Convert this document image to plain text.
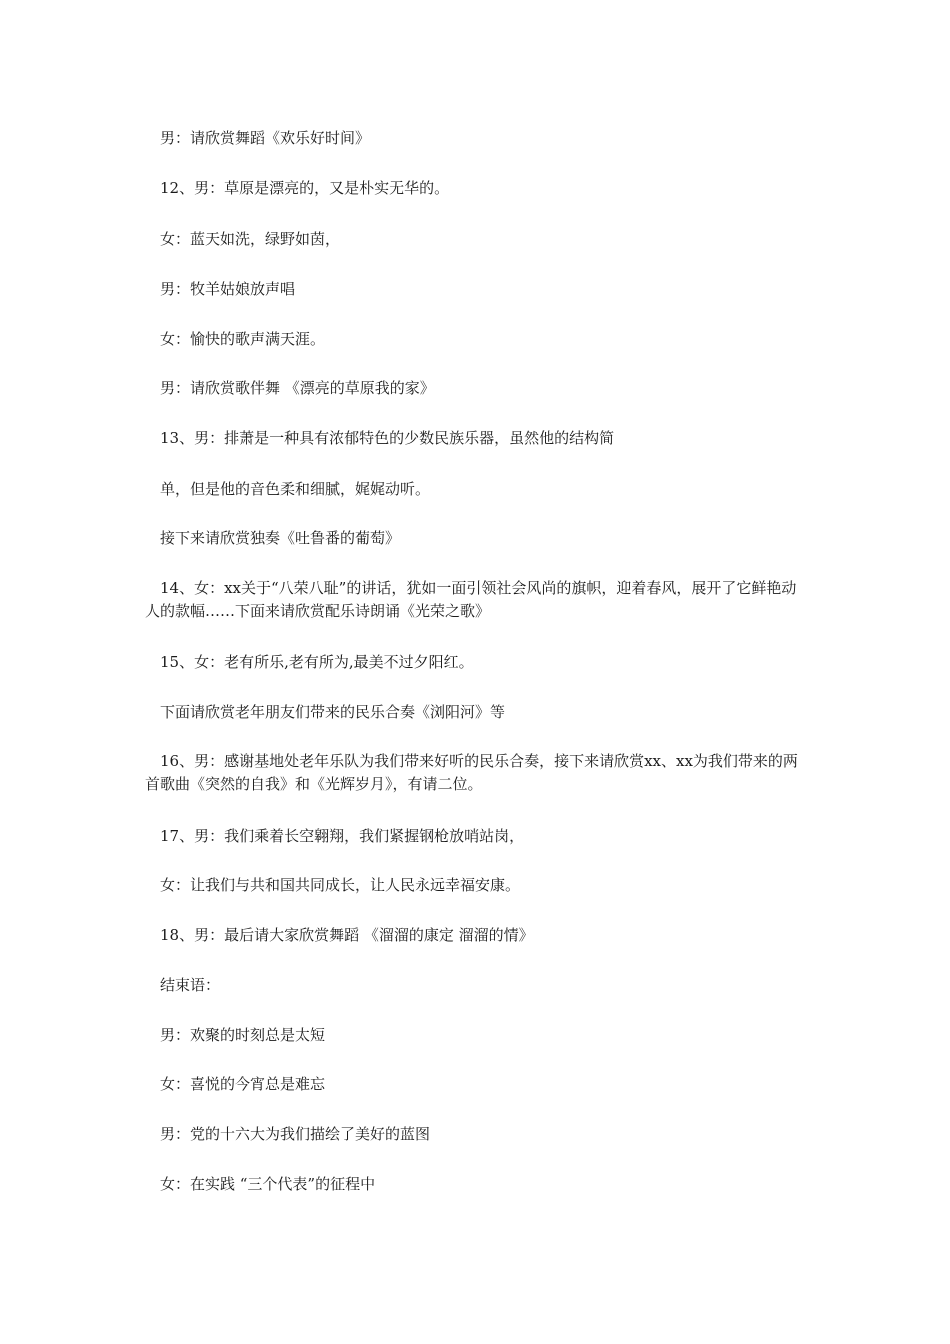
男：请欣赏舞蹈《欢乐好时间》

12、男：草原是漂亮的，又是朴实无华的。

女：蓝天如洗，绿野如茵，

男：牧羊姑娘放声唱

女：愉快的歌声满天涯。

男：请欣赏歌伴舞 《漂亮的草原我的家》

13、男：排萧是一种具有浓郁特色的少数民族乐器，虽然他的结构简

单，但是他的音色柔和细腻，娓娓动听。

接下来请欣赏独奏《吐鲁番的葡萄》

14、女：xx关于“八荣八耻”的讲话，犹如一面引领社会风尚的旗帜，迎着春风，展开了它鲜艳动人的款幅……下面来请欣赏配乐诗朗诵《光荣之歌》

15、女：老有所乐,老有所为,最美不过夕阳红。

下面请欣赏老年朋友们带来的民乐合奏《浏阳河》等

16、男：感谢基地处老年乐队为我们带来好听的民乐合奏，接下来请欣赏xx、xx为我们带来的两首歌曲《突然的自我》和《光辉岁月》，有请二位。

17、男：我们乘着长空翱翔，我们紧握钢枪放哨站岗，

女：让我们与共和国共同成长，让人民永远幸福安康。

18、男：最后请大家欣赏舞蹈 《溜溜的康定 溜溜的情》

结束语：

男：欢聚的时刻总是太短

女：喜悦的今宵总是难忘

男：党的十六大为我们描绘了美好的蓝图

女：在实践 “三个代表”的征程中
